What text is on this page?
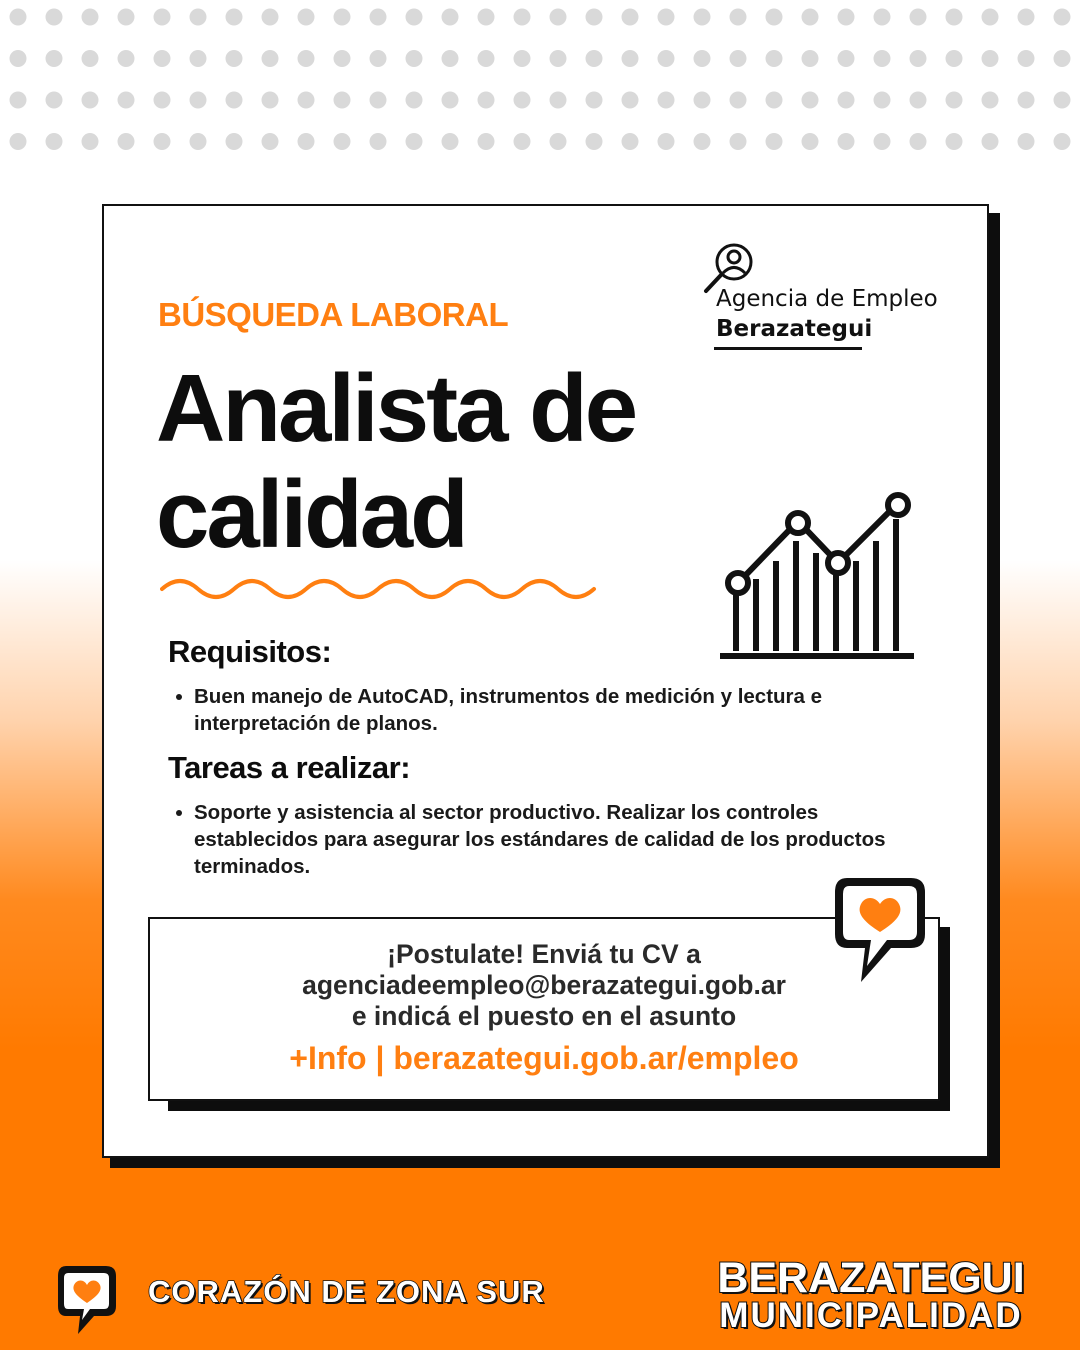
BÚSQUEDA LABORAL	Agencia de Empleo
Berazategui
Analista de
calidad
Requisitos:
Buen manejo de AutoCAD, instrumentos de medición y lectura e interpretación de planos.
Tareas a realizar:
Soporte y asistencia al sector productivo. Realizar los controles establecidos para asegurar los estándares de calidad de los productos terminados.
¡Postulate! Enviá tu CV a
agenciadeempleo@berazategui.gob.ar
e indicá el puesto en el asunto
+Info | berazategui.gob.ar/empleo
CORAZÓN DE ZONA SUR	BERAZATEGUI
MUNICIPALIDAD
